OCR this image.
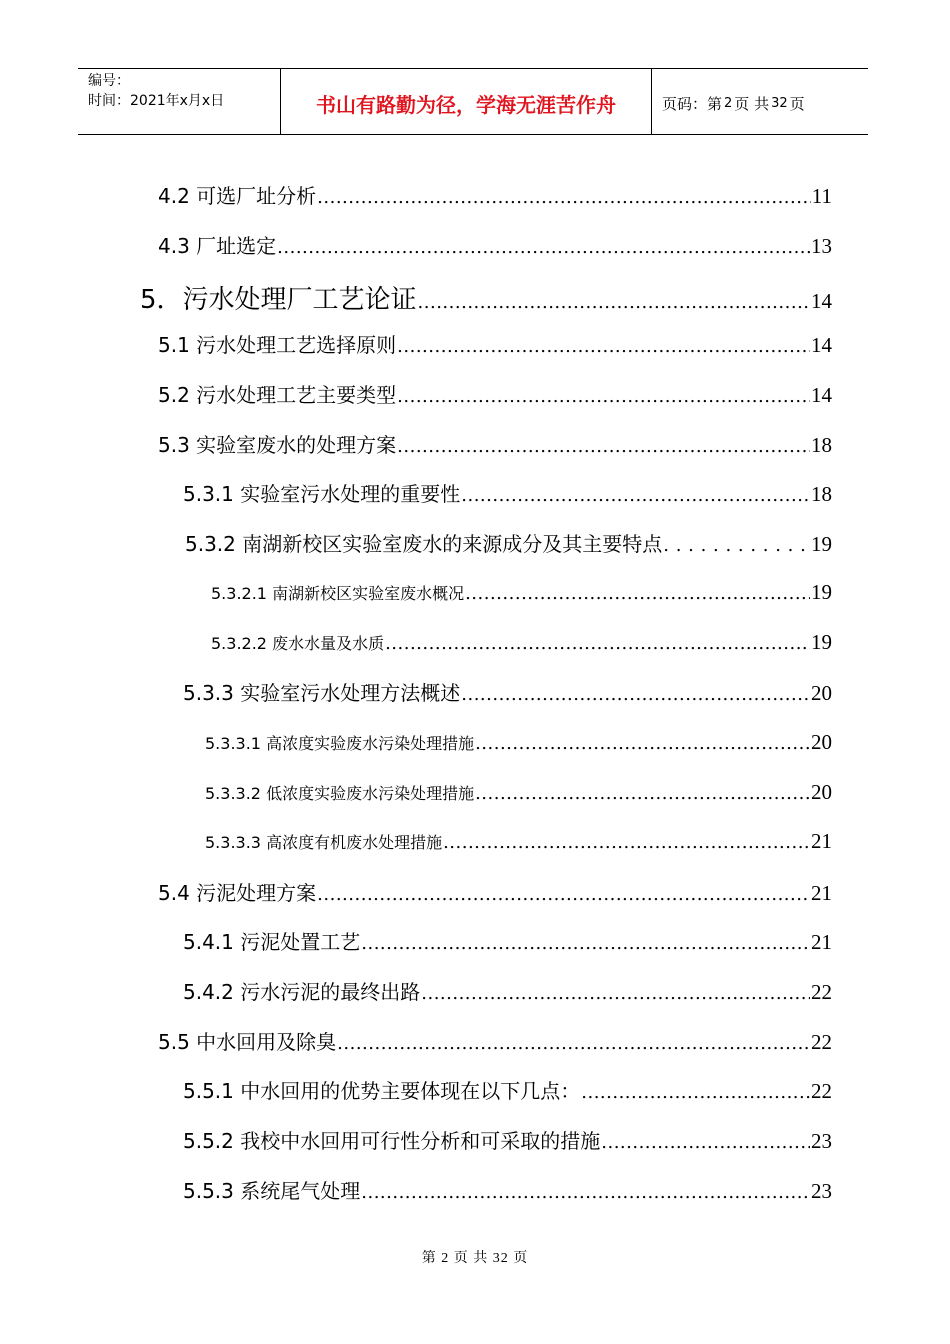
编号：
时间：2021年x月x日	书山有路勤为径，学海无涯苦作舟	页码：第 2 页 共 32 页
4.2 可选厂址分析 .....	11
4.3 厂址选定 .....	13
5．污水处理厂工艺论证 .....	14
5.1 污水处理工艺选择原则 .....	14
5.2 污水处理工艺主要类型 .....	14
5.3 实验室废水的处理方案 .....	18
5.3.1 实验室污水处理的重要性 .....	18
5.3.2 南湖新校区实验室废水的来源成分及其主要特点 . . .	19
5.3.2.1 南湖新校区实验室废水概况 .....	19
5.3.2.2 废水水量及水质 .....	19
5.3.3 实验室污水处理方法概述 .....	20
5.3.3.1 高浓度实验废水污染处理措施 .....	20
5.3.3.2 低浓度实验废水污染处理措施 .....	20
5.3.3.3 高浓度有机废水处理措施 .....	21
5.4 污泥处理方案 .....	21
5.4.1 污泥处置工艺 .....	21
5.4.2 污水污泥的最终出路 .....	22
5.5 中水回用及除臭 .....	22
5.5.1 中水回用的优势主要体现在以下几点： .....	22
5.5.2 我校中水回用可行性分析和可采取的措施 .....	23
5.5.3 系统尾气处理 .....	23
第 2 页 共 32 页
